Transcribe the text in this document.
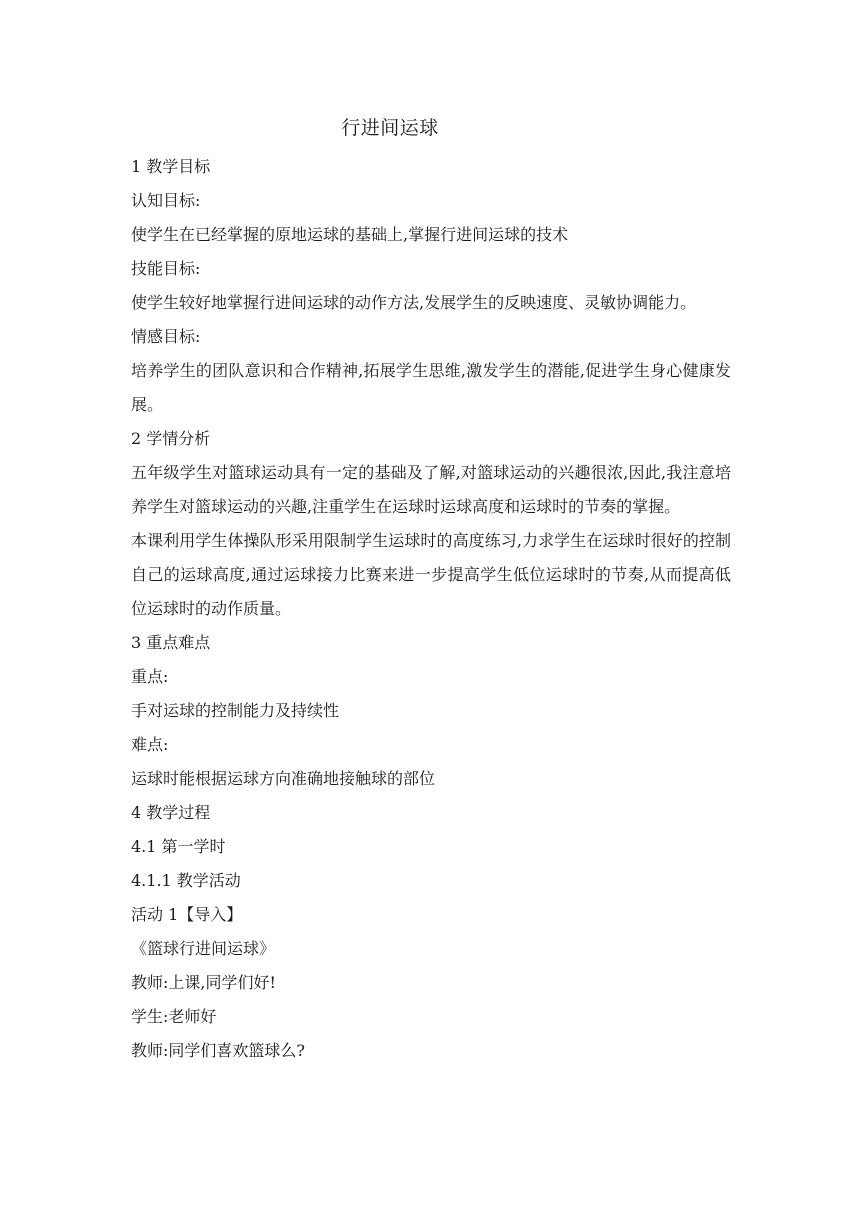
行进间运球
1 教学目标
认知目标:
使学生在已经掌握的原地运球的基础上,掌握行进间运球的技术
技能目标:
使学生较好地掌握行进间运球的动作方法,发展学生的反映速度、灵敏协调能力。
情感目标:
培养学生的团队意识和合作精神,拓展学生思维,激发学生的潜能,促进学生身心健康发展。
2 学情分析
五年级学生对篮球运动具有一定的基础及了解,对篮球运动的兴趣很浓,因此,我注意培养学生对篮球运动的兴趣,注重学生在运球时运球高度和运球时的节奏的掌握。
本课利用学生体操队形采用限制学生运球时的高度练习,力求学生在运球时很好的控制自己的运球高度,通过运球接力比赛来进一步提高学生低位运球时的节奏,从而提高低位运球时的动作质量。
3 重点难点
重点:
手对运球的控制能力及持续性
难点:
运球时能根据运球方向准确地接触球的部位
4 教学过程
4.1 第一学时
4.1.1 教学活动
活动 1【导入】
《篮球行进间运球》
教师:上课,同学们好!
学生:老师好
教师:同学们喜欢篮球么?
